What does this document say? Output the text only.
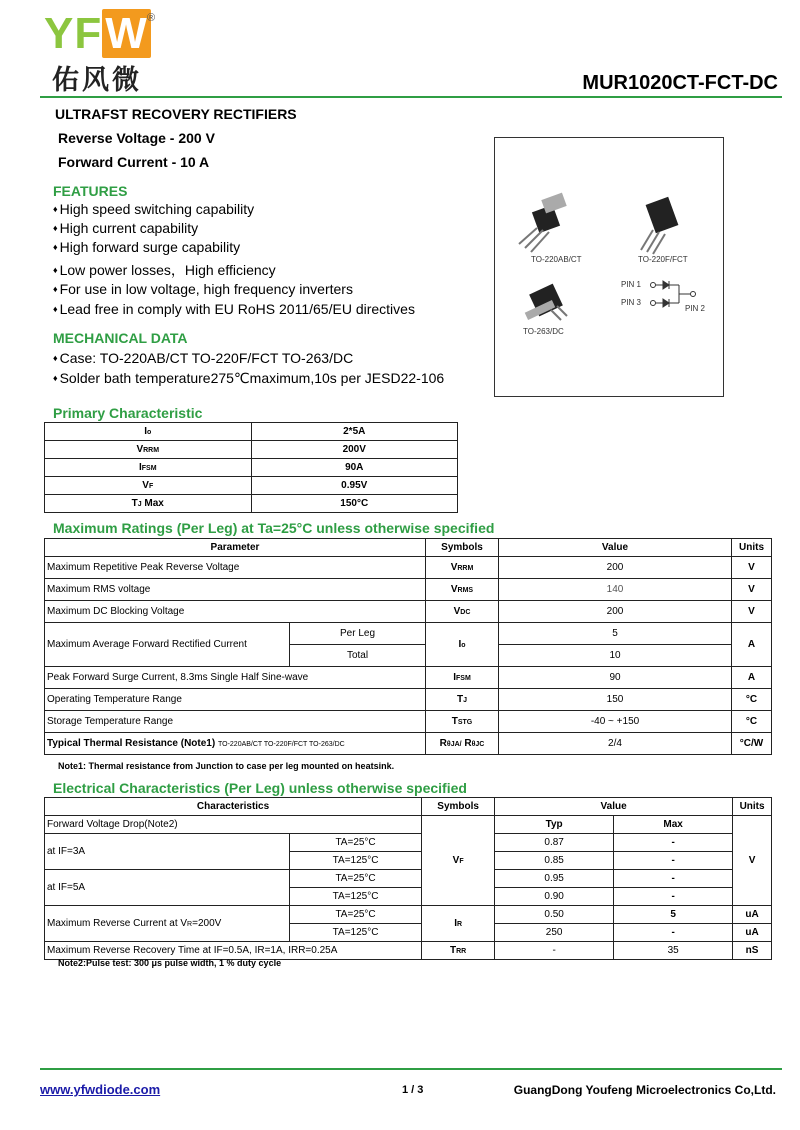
YFW ®
佑风微	MUR1020CT-FCT-DC
ULTRAFST RECOVERY RECTIFIERS
Reverse Voltage - 200 V
Forward Current - 10 A
FEATURES
♦ High speed switching capability
♦ High current capability
♦ High forward surge capability
♦ Low power losses，High efficiency
♦ For use in low voltage, high frequency inverters
♦ Lead free in comply with EU RoHS 2011/65/EU directives
MECHANICAL DATA
♦ Case: TO-220AB/CT TO-220F/FCT TO-263/DC
♦ Solder bath temperature275℃maximum,10s per JESD22-106
TO-220AB/CT	TO-220F/FCT
TO-263/DC
PIN 1
PIN 3
PIN 2
Primary Characteristic
Io	2*5A
VRRM	200V
IFSM	90A
VF	0.95V
TJ Max	150°C
Maximum Ratings (Per Leg) at Ta=25°C unless otherwise specified
Parameter		Symbols	Value	Units
Maximum Repetitive Peak Reverse Voltage		VRRM	200	V
Maximum RMS voltage		VRMS	140	V
Maximum DC Blocking Voltage		VDC	200	V
Maximum Average Forward Rectified Current	Per Leg	Io	5	A
	Total		10	
Peak Forward Surge Current, 8.3ms Single Half Sine-wave		IFSM	90	A
Operating Temperature Range		TJ	150	°C
Storage Temperature Range		TSTG	-40 ~ +150	°C
Typical Thermal Resistance (Note1) TO-220AB/CT TO-220F/FCT TO-263/DC		RθJA/ RθJC	2/4	°C/W
Note1: Thermal resistance from Junction to case per leg mounted on heatsink.
Electrical Characteristics (Per Leg) unless otherwise specified
Characteristics		Symbols	Value		Units
Forward Voltage Drop(Note2)		VF	Typ	Max	V
at IF=3A	TA=25°C		0.87	-	
	TA=125°C		0.85	-	
at IF=5A	TA=25°C		0.95	-	
	TA=125°C		0.90	-	
Maximum Reverse Current at VR=200V	TA=25°C	IR	0.50	5	uA
	TA=125°C		250	-	uA
Maximum Reverse Recovery Time at IF=0.5A, IR=1A, IRR=0.25A		TRR	-	35	nS
Note2:Pulse test: 300 μs pulse width, 1 % duty cycle
www.yfwdiode.com	1 / 3	GuangDong Youfeng Microelectronics Co,Ltd.
